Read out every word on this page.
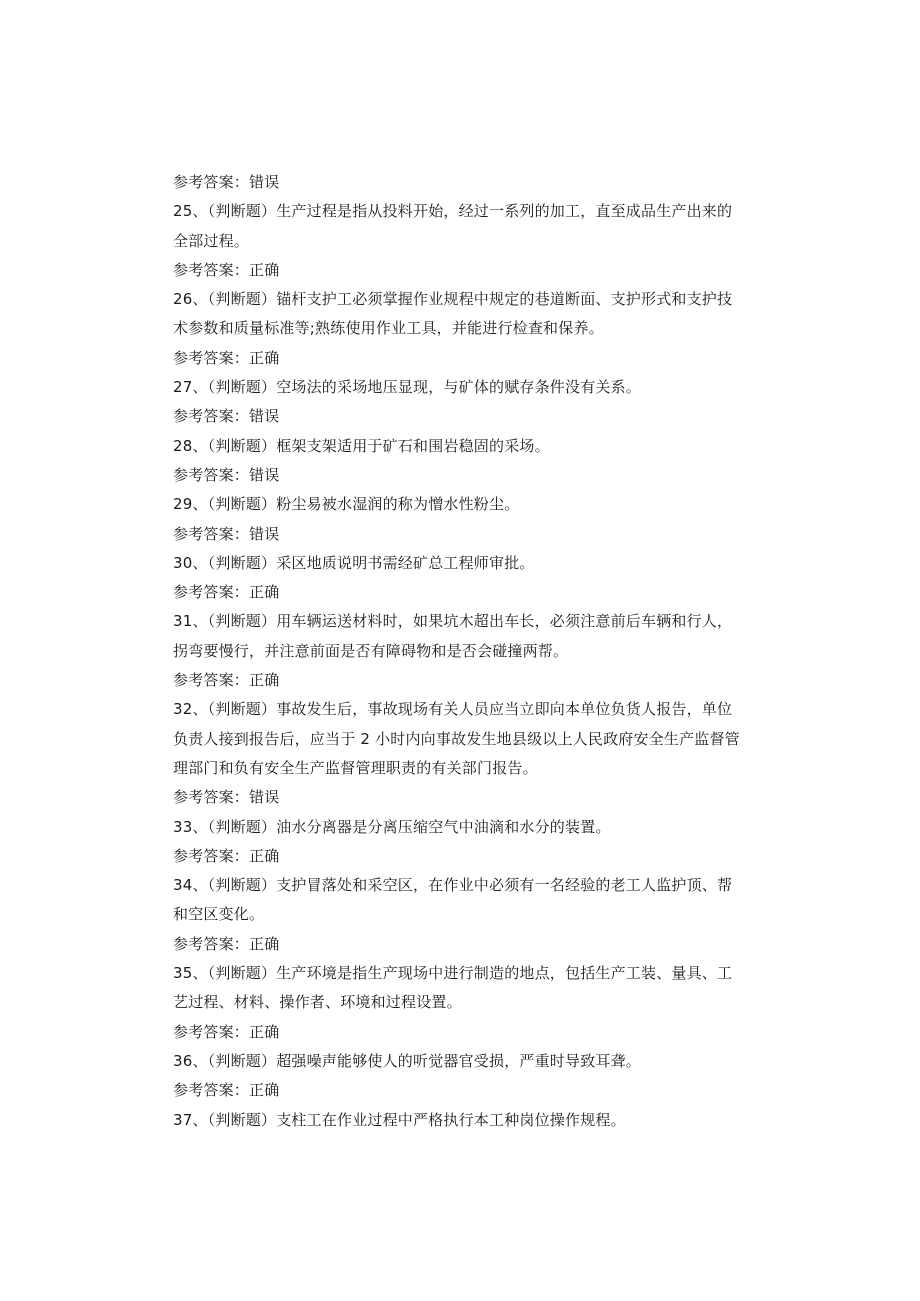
参考答案：错误
25、（判断题）生产过程是指从投料开始，经过一系列的加工，直至成品生产出来的
全部过程。
参考答案：正确
26、（判断题）锚杆支护工必须掌握作业规程中规定的巷道断面、支护形式和支护技
术参数和质量标准等;熟练使用作业工具，并能进行检查和保养。
参考答案：正确
27、（判断题）空场法的采场地压显现，与矿体的赋存条件没有关系。
参考答案：错误
28、（判断题）框架支架适用于矿石和围岩稳固的采场。
参考答案：错误
29、（判断题）粉尘易被水湿润的称为憎水性粉尘。
参考答案：错误
30、（判断题）采区地质说明书需经矿总工程师审批。
参考答案：正确
31、（判断题）用车辆运送材料时，如果坑木超出车长，必须注意前后车辆和行人，
拐弯要慢行，并注意前面是否有障碍物和是否会碰撞两帮。
参考答案：正确
32、（判断题）事故发生后，事故现场有关人员应当立即向本单位负货人报告，单位
负责人接到报告后，应当于 2 小时内向事故发生地县级以上人民政府安全生产监督管
理部门和负有安全生产监督管理职责的有关部门报告。
参考答案：错误
33、（判断题）油水分离器是分离压缩空气中油滴和水分的装置。
参考答案：正确
34、（判断题）支护冒落处和采空区，在作业中必须有一名经验的老工人监护顶、帮
和空区变化。
参考答案：正确
35、（判断题）生产环境是指生产现场中进行制造的地点，包括生产工装、量具、工
艺过程、材料、操作者、环境和过程设置。
参考答案：正确
36、（判断题）超强噪声能够使人的听觉器官受损，严重时导致耳聋。
参考答案：正确
37、（判断题）支柱工在作业过程中严格执行本工种岗位操作规程。
